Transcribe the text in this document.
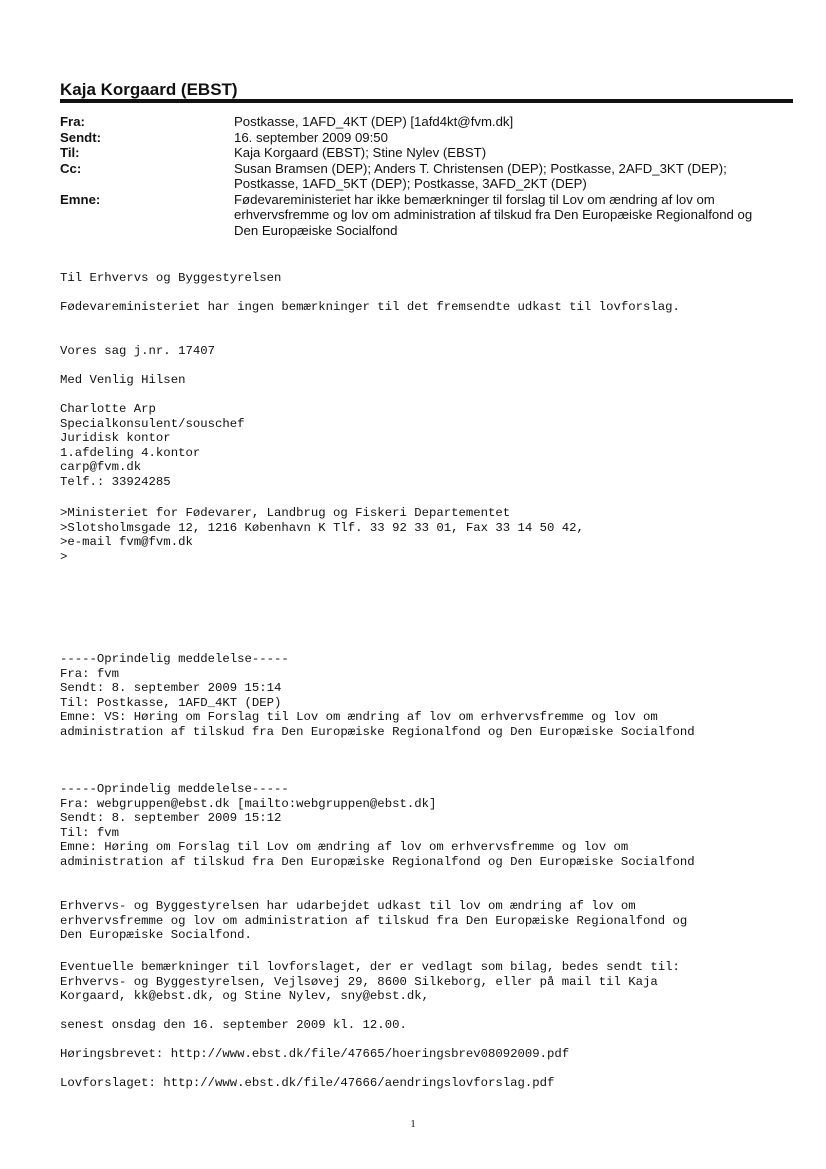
Kaja Korgaard (EBST)
Fra:	Postkasse, 1AFD_4KT (DEP) [1afd4kt@fvm.dk]
Sendt:	16. september 2009 09:50
Til:	Kaja Korgaard (EBST); Stine Nylev (EBST)
Cc:	Susan Bramsen (DEP); Anders T. Christensen (DEP); Postkasse, 2AFD_3KT (DEP);
Postkasse, 1AFD_5KT (DEP); Postkasse, 3AFD_2KT (DEP)
Emne:	Fødevareministeriet har ikke bemærkninger til forslag til Lov om ændring af lov om
erhvervsfremme og lov om administration af tilskud fra Den Europæiske Regionalfond og
Den Europæiske Socialfond
Til Erhvervs og Byggestyrelsen
Fødevareministeriet har ingen bemærkninger til det fremsendte udkast til lovforslag.
Vores sag j.nr. 17407
Med Venlig Hilsen
Charlotte Arp
Specialkonsulent/souschef
Juridisk kontor
1.afdeling 4.kontor
carp@fvm.dk
Telf.: 33924285
>Ministeriet for Fødevarer, Landbrug og Fiskeri Departementet
>Slotsholmsgade 12, 1216 København K Tlf. 33 92 33 01, Fax 33 14 50 42,
>e-mail fvm@fvm.dk
>
-----Oprindelig meddelelse-----
Fra: fvm
Sendt: 8. september 2009 15:14
Til: Postkasse, 1AFD_4KT (DEP)
Emne: VS: Høring om Forslag til Lov om ændring af lov om erhvervsfremme og lov om
administration af tilskud fra Den Europæiske Regionalfond og Den Europæiske Socialfond
-----Oprindelig meddelelse-----
Fra: webgruppen@ebst.dk [mailto:webgruppen@ebst.dk]
Sendt: 8. september 2009 15:12
Til: fvm
Emne: Høring om Forslag til Lov om ændring af lov om erhvervsfremme og lov om
administration af tilskud fra Den Europæiske Regionalfond og Den Europæiske Socialfond
Erhvervs- og Byggestyrelsen har udarbejdet udkast til lov om ændring af lov om
erhvervsfremme og lov om administration af tilskud fra Den Europæiske Regionalfond og
Den Europæiske Socialfond.
Eventuelle bemærkninger til lovforslaget, der er vedlagt som bilag, bedes sendt til:
Erhvervs- og Byggestyrelsen, Vejlsøvej 29, 8600 Silkeborg, eller på mail til Kaja
Korgaard, kk@ebst.dk, og Stine Nylev, sny@ebst.dk,
senest onsdag den 16. september 2009 kl. 12.00.
Høringsbrevet: http://www.ebst.dk/file/47665/hoeringsbrev08092009.pdf
Lovforslaget: http://www.ebst.dk/file/47666/aendringslovforslag.pdf
1
